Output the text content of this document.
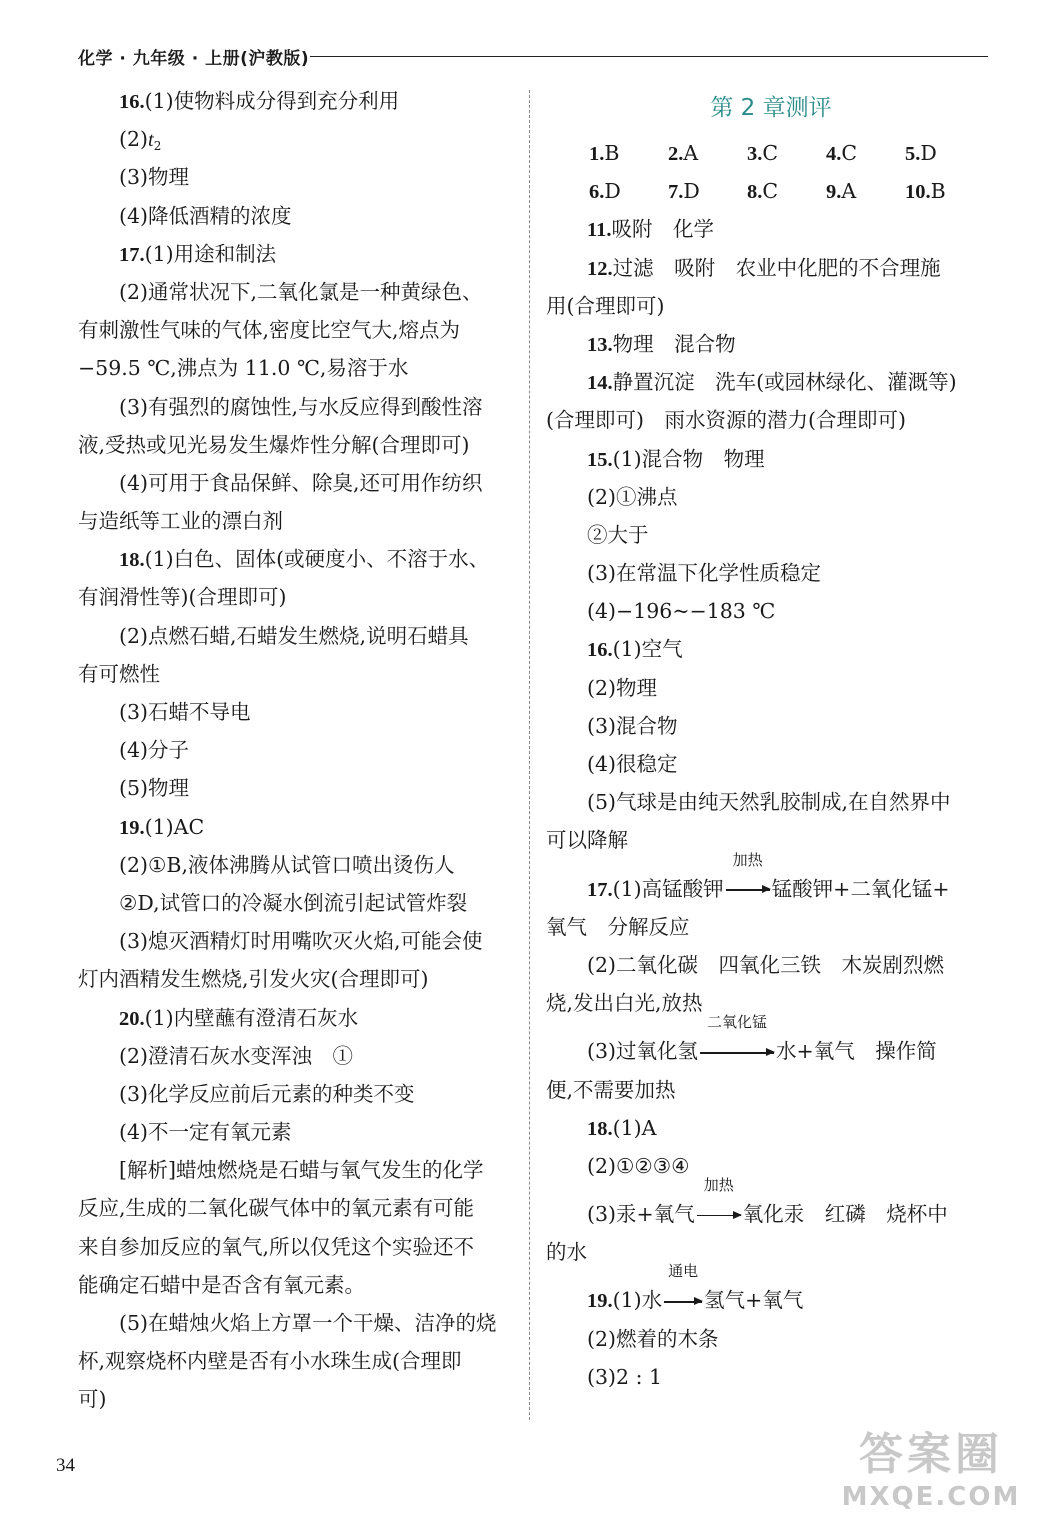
化学 · 九年级 · 上册(沪教版)
16.(1)使物料成分得到充分利用
$(2)t_2$
(3)物理
(4)降低酒精的浓度
17.(1)用途和制法
(2)通常状况下,二氧化氯是一种黄绿色、
有刺激性气味的气体,密度比空气大,熔点为
−59.5 ℃,沸点为 11.0 ℃,易溶于水
(3)有强烈的腐蚀性,与水反应得到酸性溶
液,受热或见光易发生爆炸性分解(合理即可)
(4)可用于食品保鲜、除臭,还可用作纺织
与造纸等工业的漂白剂
18.(1)白色、固体(或硬度小、不溶于水、
有润滑性等)(合理即可)
(2)点燃石蜡,石蜡发生燃烧,说明石蜡具
有可燃性
(3)石蜡不导电
(4)分子
(5)物理
19.(1)AC
(2)①B,液体沸腾从试管口喷出烫伤人
②D,试管口的冷凝水倒流引起试管炸裂
(3)熄灭酒精灯时用嘴吹灭火焰,可能会使
灯内酒精发生燃烧,引发火灾(合理即可)
20.(1)内壁蘸有澄清石灰水
(2)澄清石灰水变浑浊　①
(3)化学反应前后元素的种类不变
(4)不一定有氧元素
[解析]蜡烛燃烧是石蜡与氧气发生的化学
反应,生成的二氧化碳气体中的氧元素有可能
来自参加反应的氧气,所以仅凭这个实验还不
能确定石蜡中是否含有氧元素。
(5)在蜡烛火焰上方罩一个干燥、洁净的烧
杯,观察烧杯内壁是否有小水珠生成(合理即
可)
第 2 章测评
1.B	2.A	3.C	4.C	5.D
6.D	7.D	8.C	9.A	10.B
11.吸附　化学
12.过滤　吸附　农业中化肥的不合理施
用(合理即可)
13.物理　混合物
14.静置沉淀　洗车(或园林绿化、灌溉等)
(合理即可)　雨水资源的潜力(合理即可)
15.(1)混合物　物理
(2)①沸点
②大于
(3)在常温下化学性质稳定
(4)−196~−183 ℃
16.(1)空气
(2)物理
(3)混合物
(4)很稳定
(5)气球是由纯天然乳胶制成,在自然界中
可以降解
17.(1)高锰酸钾
加热
锰酸钾+二氧化锰+
氧气　分解反应
(2)二氧化碳　四氧化三铁　木炭剧烈燃
烧,发出白光,放热
(3)过氧化氢
二氧化锰
水+氧气　操作简
便,不需要加热
18.(1)A
(2)①②③④
(3)汞+氧气
加热
氧化汞　红磷　烧杯中
的水
19.(1)水
通电
氢气+氧气
(2)燃着的木条
(3)2 : 1
34	答案圈
MXQE.COM
